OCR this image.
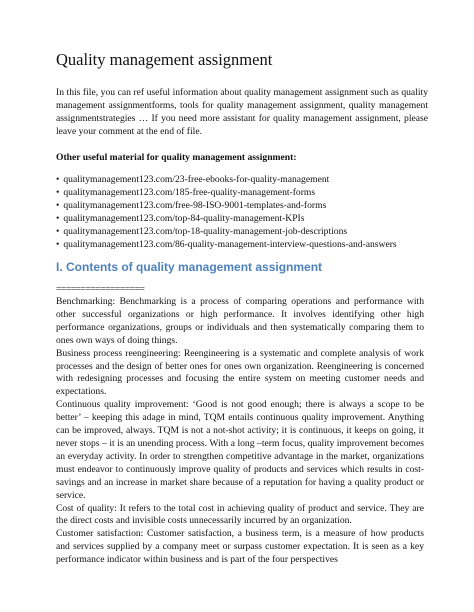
Quality management assignment

In this file, you can ref useful information about quality management assignment such as quality management assignmentforms, tools for quality management assignment, quality management assignmentstrategies … If you need more assistant for quality management assignment, please leave your comment at the end of file.

Other useful material for quality management assignment:

• qualitymanagement123.com/23-free-ebooks-for-quality-management
• qualitymanagement123.com/185-free-quality-management-forms
• qualitymanagement123.com/free-98-ISO-9001-templates-and-forms
• qualitymanagement123.com/top-84-quality-management-KPIs
• qualitymanagement123.com/top-18-quality-management-job-descriptions
• qualitymanagement123.com/86-quality-management-interview-questions-and-answers
I. Contents of quality management assignment
==================

Benchmarking: Benchmarking is a process of comparing operations and performance with other successful organizations or high performance. It involves identifying other high performance organizations, groups or individuals and then systematically comparing them to ones own ways of doing things.

Business process reengineering: Reengineering is a systematic and complete analysis of work processes and the design of better ones for ones own organization. Reengineering is concerned with redesigning processes and focusing the entire system on meeting customer needs and expectations.

Continuous quality improvement: ‘Good is not good enough; there is always a scope to be better’ – keeping this adage in mind, TQM entails continuous quality improvement. Anything can be improved, always. TQM is not a not-shot activity; it is continuous, it keeps on going, it never stops – it is an unending process. With a long –term focus, quality improvement becomes an everyday activity. In order to strengthen competitive advantage in the market, organizations must endeavor to continuously improve quality of products and services which results in cost-savings and an increase in market share because of a reputation for having a quality product or service.

Cost of quality: It refers to the total cost in achieving quality of product and service. They are the direct costs and invisible costs unnecessarily incurred by an organization.

Customer satisfaction: Customer satisfaction, a business term, is a measure of how products and services supplied by a company meet or surpass customer expectation. It is seen as a key performance indicator within business and is part of the four perspectives
